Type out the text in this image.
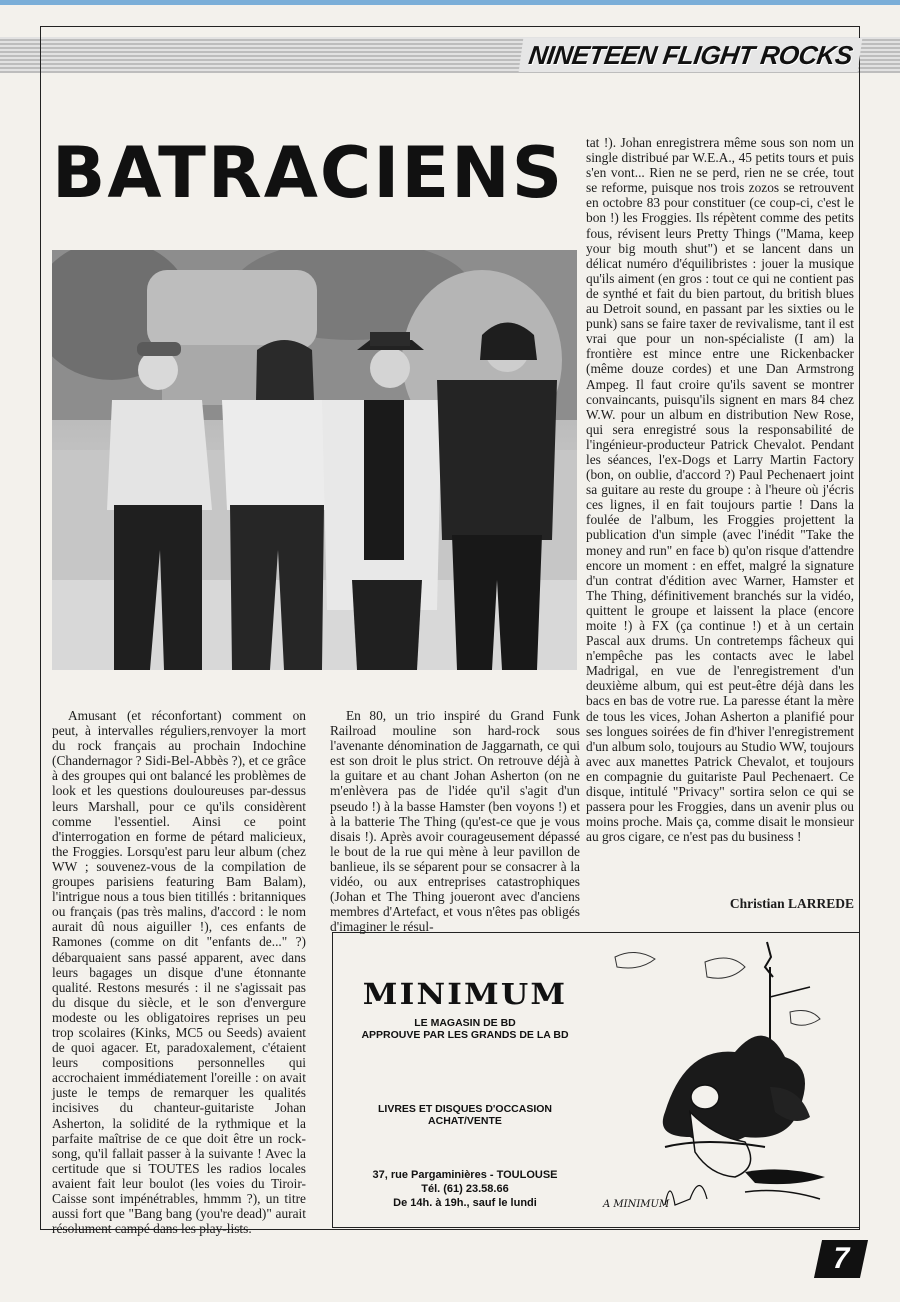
NINETEEN FLIGHT ROCKS
BATRACIENS

Amusant (et réconfortant) comment on peut, à intervalles réguliers,renvoyer la mort du rock français au prochain Indochine (Chandernagor ? Sidi-Bel-Abbès ?), et ce grâce à des groupes qui ont balancé les problèmes de look et les questions douloureuses par-dessus leurs Marshall, pour ce qu'ils considèrent comme l'essentiel. Ainsi ce point d'interrogation en forme de pétard malicieux, the Froggies. Lorsqu'est paru leur album (chez WW ; souvenez-vous de la compilation de groupes parisiens featuring Bam Balam), l'intrigue nous a tous bien titillés : britanniques ou français (pas très malins, d'accord : le nom aurait dû nous aiguiller !), ces enfants de Ramones (comme on dit "enfants de..." ?) débarquaient sans passé apparent, avec dans leurs bagages un disque d'une étonnante qualité. Restons mesurés : il ne s'agissait pas du disque du siècle, et le son d'envergure modeste ou les obligatoires reprises un peu trop scolaires (Kinks, MC5 ou Seeds) avaient de quoi agacer. Et, paradoxalement, c'étaient leurs compositions personnelles qui accrochaient immédiatement l'oreille : on avait juste le temps de remarquer les qualités incisives du chanteur-guitariste Johan Asherton, la solidité de la rythmique et la parfaite maîtrise de ce que doit être un rock-song, qu'il fallait passer à la suivante ! Avec la certitude que si TOUTES les radios locales avaient fait leur boulot (les voies du Tiroir-Caisse sont impénétrables, hmmm ?), un titre aussi fort que "Bang bang (you're dead)" aurait résolument campé dans les play-lists.

En 80, un trio inspiré du Grand Funk Railroad mouline son hard-rock sous l'avenante dénomination de Jaggarnath, ce qui est son droit le plus strict. On retrouve déjà à la guitare et au chant Johan Asherton (on ne m'enlèvera pas de l'idée qu'il s'agit d'un pseudo !) à la basse Hamster (ben voyons !) et à la batterie The Thing (qu'est-ce que je vous disais !). Après avoir courageusement dépassé le bout de la rue qui mène à leur pavillon de banlieue, ils se séparent pour se consacrer à la vidéo, ou aux entreprises catastrophiques (Johan et The Thing joueront avec d'anciens membres d'Artefact, et vous n'êtes pas obligés d'imaginer le résul-

tat !). Johan enregistrera même sous son nom un single distribué par W.E.A., 45 petits tours et puis s'en vont... Rien ne se perd, rien ne se crée, tout se reforme, puisque nos trois zozos se retrouvent en octobre 83 pour constituer (ce coup-ci, c'est le bon !) les Froggies. Ils répètent comme des petits fous, révisent leurs Pretty Things ("Mama, keep your big mouth shut") et se lancent dans un délicat numéro d'équilibristes : jouer la musique qu'ils aiment (en gros : tout ce qui ne contient pas de synthé et fait du bien partout, du british blues au Detroit sound, en passant par les sixties ou le punk) sans se faire taxer de revivalisme, tant il est vrai que pour un non-spécialiste (I am) la frontière est mince entre une Rickenbacker (même douze cordes) et une Dan Armstrong Ampeg. Il faut croire qu'ils savent se montrer convaincants, puisqu'ils signent en mars 84 chez W.W. pour un album en distribution New Rose, qui sera enregistré sous la responsabilité de l'ingénieur-producteur Patrick Chevalot. Pendant les séances, l'ex-Dogs et Larry Martin Factory (bon, on oublie, d'accord ?) Paul Pechenaert joint sa guitare au reste du groupe : à l'heure où j'écris ces lignes, il en fait toujours partie ! Dans la foulée de l'album, les Froggies projettent la publication d'un simple (avec l'inédit "Take the money and run" en face b) qu'on risque d'attendre encore un moment : en effet, malgré la signature d'un contrat d'édition avec Warner, Hamster et The Thing, définitivement branchés sur la vidéo, quittent le groupe et laissent la place (encore moite !) à FX (ça continue !) et à un certain Pascal aux drums. Un contretemps fâcheux qui n'empêche pas les contacts avec le label Madrigal, en vue de l'enregistrement d'un deuxième album, qui est peut-être déjà dans les bacs en bas de votre rue. La paresse étant la mère de tous les vices, Johan Asherton a planifié pour ses longues soirées de fin d'hiver l'enregistrement d'un album solo, toujours au Studio WW, toujours avec aux manettes Patrick Chevalot, et toujours en compagnie du guitariste Paul Pechenaert. Ce disque, intitulé "Privacy" sortira selon ce qui se passera pour les Froggies, dans un avenir plus ou moins proche. Mais ça, comme disait le monsieur au gros cigare, ce n'est pas du business !

Christian LARREDE
MINIMUM
LE MAGASIN DE BD
APPROUVE PAR LES GRANDS DE LA BD
LIVRES ET DISQUES D'OCCASION
ACHAT/VENTE
37, rue Pargaminières - TOULOUSE
Tél. (61) 23.58.66
De 14h. à 19h., sauf le lundi	A MINIMUM
7
